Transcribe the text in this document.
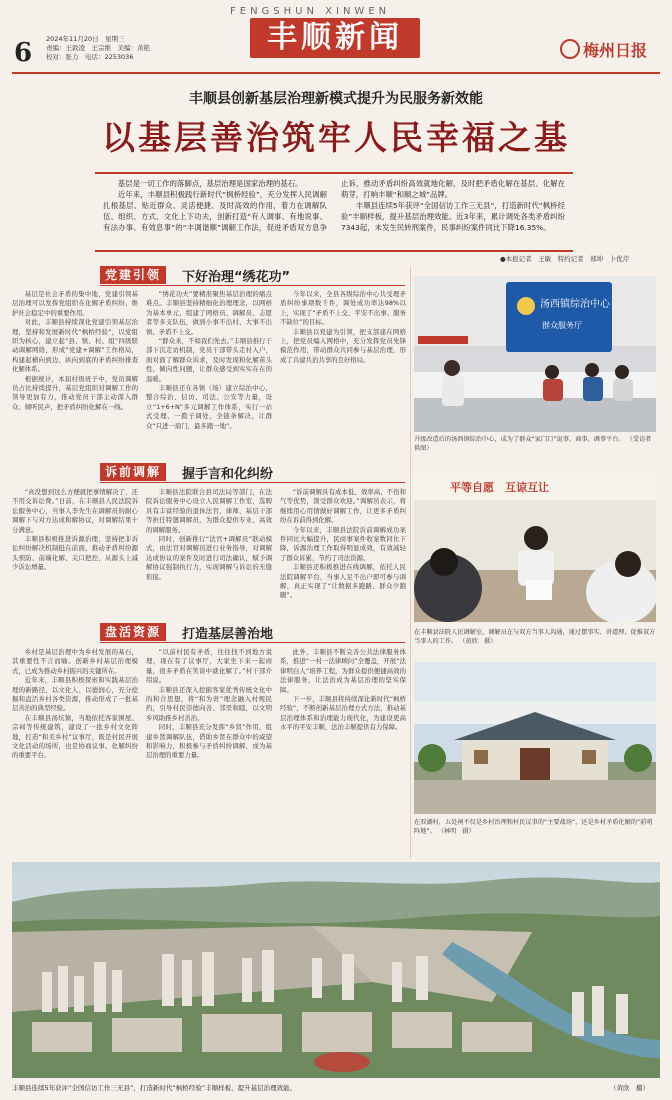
FENGSHUN XINWEN
6 2024年11月20日　星期三
责编：王敦凌　王宗维　美编：黄艳
校对：张力　电话：2253036
丰顺新闻	梅州日报
丰顺县创新基层治理新模式提升为民服务新效能
以基层善治筑牢人民幸福之基

基层是一切工作的落脚点，基层治理是国家治理的基石。

近年来，丰顺县积极践行新时代“枫桥经验”，充分发挥人民调解扎根基层、贴近群众、灵活便捷、及时高效的作用，着力在调解队伍、组织、方式、文化上下功夫，创新打造“有人调事、有地说事、有法办事、有效息事”的“丰调谐顺”调解工作法，促进矛盾双方息争止诉，推动矛盾纠纷高效就地化解，及时把矛盾化解在基层、化解在萌芽，打响丰顺“和顺之城”品牌。

丰顺县连续5年获评“全国信访工作三无县”，打造新时代“枫桥经验”丰顺样板，提升基层治理效能。近3年来，累计调处各类矛盾纠纷7343起，未发生民转刑案件，民事纠纷案件同比下降16.35%。

●本报记者　王敏　特约记者　郑坤　卜优芹
党建引领	下好治理“绣花功”

基层是社会矛盾的集中地，党建引领基层治理可以发挥党组织在化解矛盾纠纷、维护社会稳定中的重要作用。

对此，丰顺县持续深化党建引领基层治理，坚持和发展新时代“枫桥经验”，以党组织为核心，建立起“县、镇、村、组”四级联动调解网络，形成“党建+调解”工作格局，构建起横向到边、纵向到底的矛盾纠纷排查化解体系。

根据统计，本届村级班子中，党员调解员占比持续提升，基层党组织对调解工作的领导更加有力，推动党员干部主动深入群众、倾听民声，把矛盾纠纷化解在一线。

“绣花功夫”要精准聚焦基层治理的痛点难点。丰顺县坚持精细化治理理念，以网格为基本单元，组建了网格员、调解员、志愿者等多支队伍，做到小事不出村、大事不出镇、矛盾不上交。

“群众来，不如我们先去。”丰顺县推行干部下沉走访机制，党员干部带头走村入户，面对面了解群众诉求，及时发现和化解苗头性、倾向性问题，让群众感受到实实在在的温暖。

丰顺县还在各镇（场）建立综治中心，整合综治、信访、司法、公安等力量，设立“1+6+N”多元调解工作体系，实行一站式受理、一揽子调处、全链条解决，让群众“只进一扇门，最多跑一地”。

今年以来，全县各级综治中心共受理矛盾纠纷事项数千件，调处成功率达98%以上，实现了“矛盾不上交、平安不出事、服务不缺位”的目标。

丰顺县以党建为引领，把支部建在网格上，把党员编入网格中，充分发挥党员先锋模范作用，带动群众共同参与基层治理，形成了共建共治共享的良好格局。

汤西镇综治中心
群众服务厅
升级改造后的汤西镇综治中心，成为了群众“家门口”说事、商事、调事平台。 （受访者供图）
诉前调解	握手言和化纠纷

“真没想到这么方便就把事情解决了，还不用交诉讼费。”日前，在丰顺县人民法院诉讼服务中心，当事人李先生在调解员的耐心调解下与对方达成和解协议，对调解结果十分满意。

丰顺县积极推进诉源治理，坚持把非诉讼纠纷解决机制挺在前面，推动矛盾纠纷源头预防、前端化解、关口把控，从源头上减少诉讼增量。

丰顺县法院联合县司法局等部门，在法院诉讼服务中心设立人民调解工作室，选聘具有丰富经验的退休法官、律师、基层干部等担任特邀调解员，为群众提供专业、高效的调解服务。

同时，创新推行“法官+调解员”联动模式，由法官对调解员进行业务指导，对调解达成协议的案件及时进行司法确认，赋予调解协议强制执行力，实现调解与诉讼的无缝衔接。

“诉前调解具有成本低、效率高、不伤和气等优势，深受群众欢迎。”调解员表示，将继续用心用情做好调解工作，让更多矛盾纠纷在诉前得到化解。

今年以来，丰顺县法院诉前调解成功案件同比大幅提升，民商事案件收案数同比下降，诉源治理工作取得明显成效，有效减轻了群众诉累，节约了司法资源。

丰顺县还积极推进在线调解，依托人民法院调解平台，当事人足不出户即可参与调解，真正实现了“让数据多跑路、群众少跑腿”。

平等自愿　互谅互让
在丰顺县法院人民调解室，调解员在与双方当事人沟通，通过摆事实、讲道理，促推双方当事人的工作。 （黄欣　摄）
盘活资源	打造基层善治地

乡村是基层治理中为乡村发展的基石，其重要性不言而喻。创新乡村基层治理模式，已成为推动乡村振兴的关键所在。

近年来，丰顺县积极探索和实践基层治理的新路径，以文化人、以德润心，充分挖掘和盘活乡村各类资源，推动形成了一批基层善治的典型经验。

在丰顺县汤坑镇，当地依托客家围屋、宗祠等传统建筑，建设了一批乡村文化阵地，打造“和美乡村”议事厅，既是村民开展文化活动的场所，也是协商议事、化解纠纷的重要平台。

“以前村民有矛盾，往往找不到地方说理，现在有了议事厅，大家坐下来一起商量，很多矛盾在笑谈中就化解了。”村干部介绍说。

丰顺县还深入挖掘客家优秀传统文化中的和合思想，将“和为贵”理念融入村规民约，引导村民崇德向善、邻里和睦，以文明乡风助推乡村善治。

同时，丰顺县充分发挥“乡贤”作用，组建乡贤调解队伍，借助乡贤在群众中的威望和影响力，积极参与矛盾纠纷调解，成为基层治理的重要力量。

此外，丰顺县不断完善公共法律服务体系，推进“一村一法律顾问”全覆盖，开展“法律明白人”培养工程，为群众提供便捷高效的法律服务，让法治成为基层治理的坚实保障。

下一步，丰顺县将持续深化新时代“枫桥经验”，不断创新基层治理方式方法，推动基层治理体系和治理能力现代化，为建设更高水平的平安丰顺、法治丰顺提供有力保障。

在双湖村，五处祠不仅是乡村治理和村民议事的“主要战场”，还是乡村矛盾化解的“前哨阵地”。 （林明　摄）
丰顺县连续5年获评“全国信访工作三无县”，打造新时代“枫桥经验”丰顺样板，提升基层治理效能。	（黄欣　摄）
